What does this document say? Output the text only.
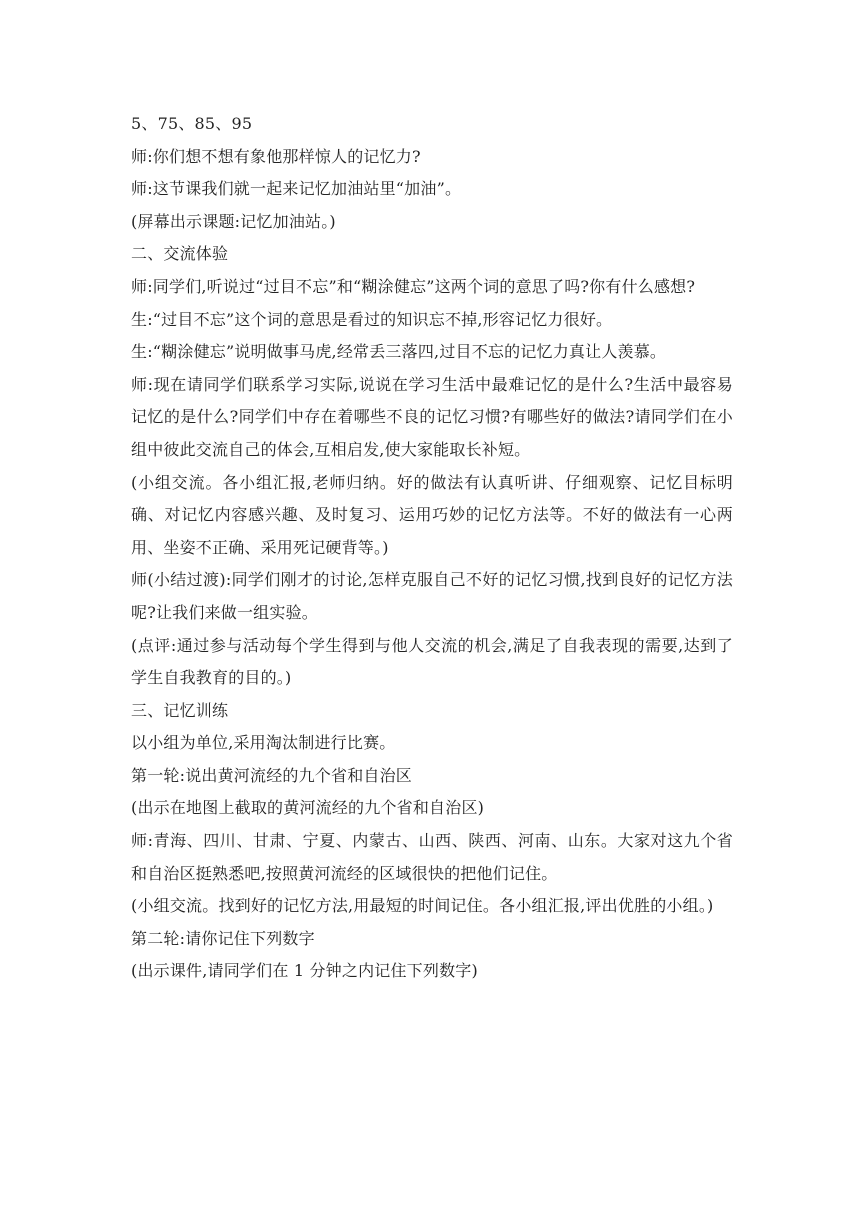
5、75、85、95

师:你们想不想有象他那样惊人的记忆力?

师:这节课我们就一起来记忆加油站里“加油”。

(屏幕出示课题:记忆加油站。)

二、交流体验

师:同学们,听说过“过目不忘”和“糊涂健忘”这两个词的意思了吗?你有什么感想?

生:“过目不忘”这个词的意思是看过的知识忘不掉,形容记忆力很好。

生:“糊涂健忘”说明做事马虎,经常丢三落四,过目不忘的记忆力真让人羡慕。

师:现在请同学们联系学习实际,说说在学习生活中最难记忆的是什么?生活中最容易记忆的是什么?同学们中存在着哪些不良的记忆习惯?有哪些好的做法?请同学们在小组中彼此交流自己的体会,互相启发,使大家能取长补短。

(小组交流。各小组汇报,老师归纳。好的做法有认真听讲、仔细观察、记忆目标明确、对记忆内容感兴趣、及时复习、运用巧妙的记忆方法等。不好的做法有一心两用、坐姿不正确、采用死记硬背等。)

师(小结过渡):同学们刚才的讨论,怎样克服自己不好的记忆习惯,找到良好的记忆方法呢?让我们来做一组实验。

(点评:通过参与活动每个学生得到与他人交流的机会,满足了自我表现的需要,达到了学生自我教育的目的。)

三、记忆训练

以小组为单位,采用淘汰制进行比赛。

第一轮:说出黄河流经的九个省和自治区

(出示在地图上截取的黄河流经的九个省和自治区)

师:青海、四川、甘肃、宁夏、内蒙古、山西、陕西、河南、山东。大家对这九个省和自治区挺熟悉吧,按照黄河流经的区域很快的把他们记住。

(小组交流。找到好的记忆方法,用最短的时间记住。各小组汇报,评出优胜的小组。)

第二轮:请你记住下列数字

(出示课件,请同学们在 1 分钟之内记住下列数字)
